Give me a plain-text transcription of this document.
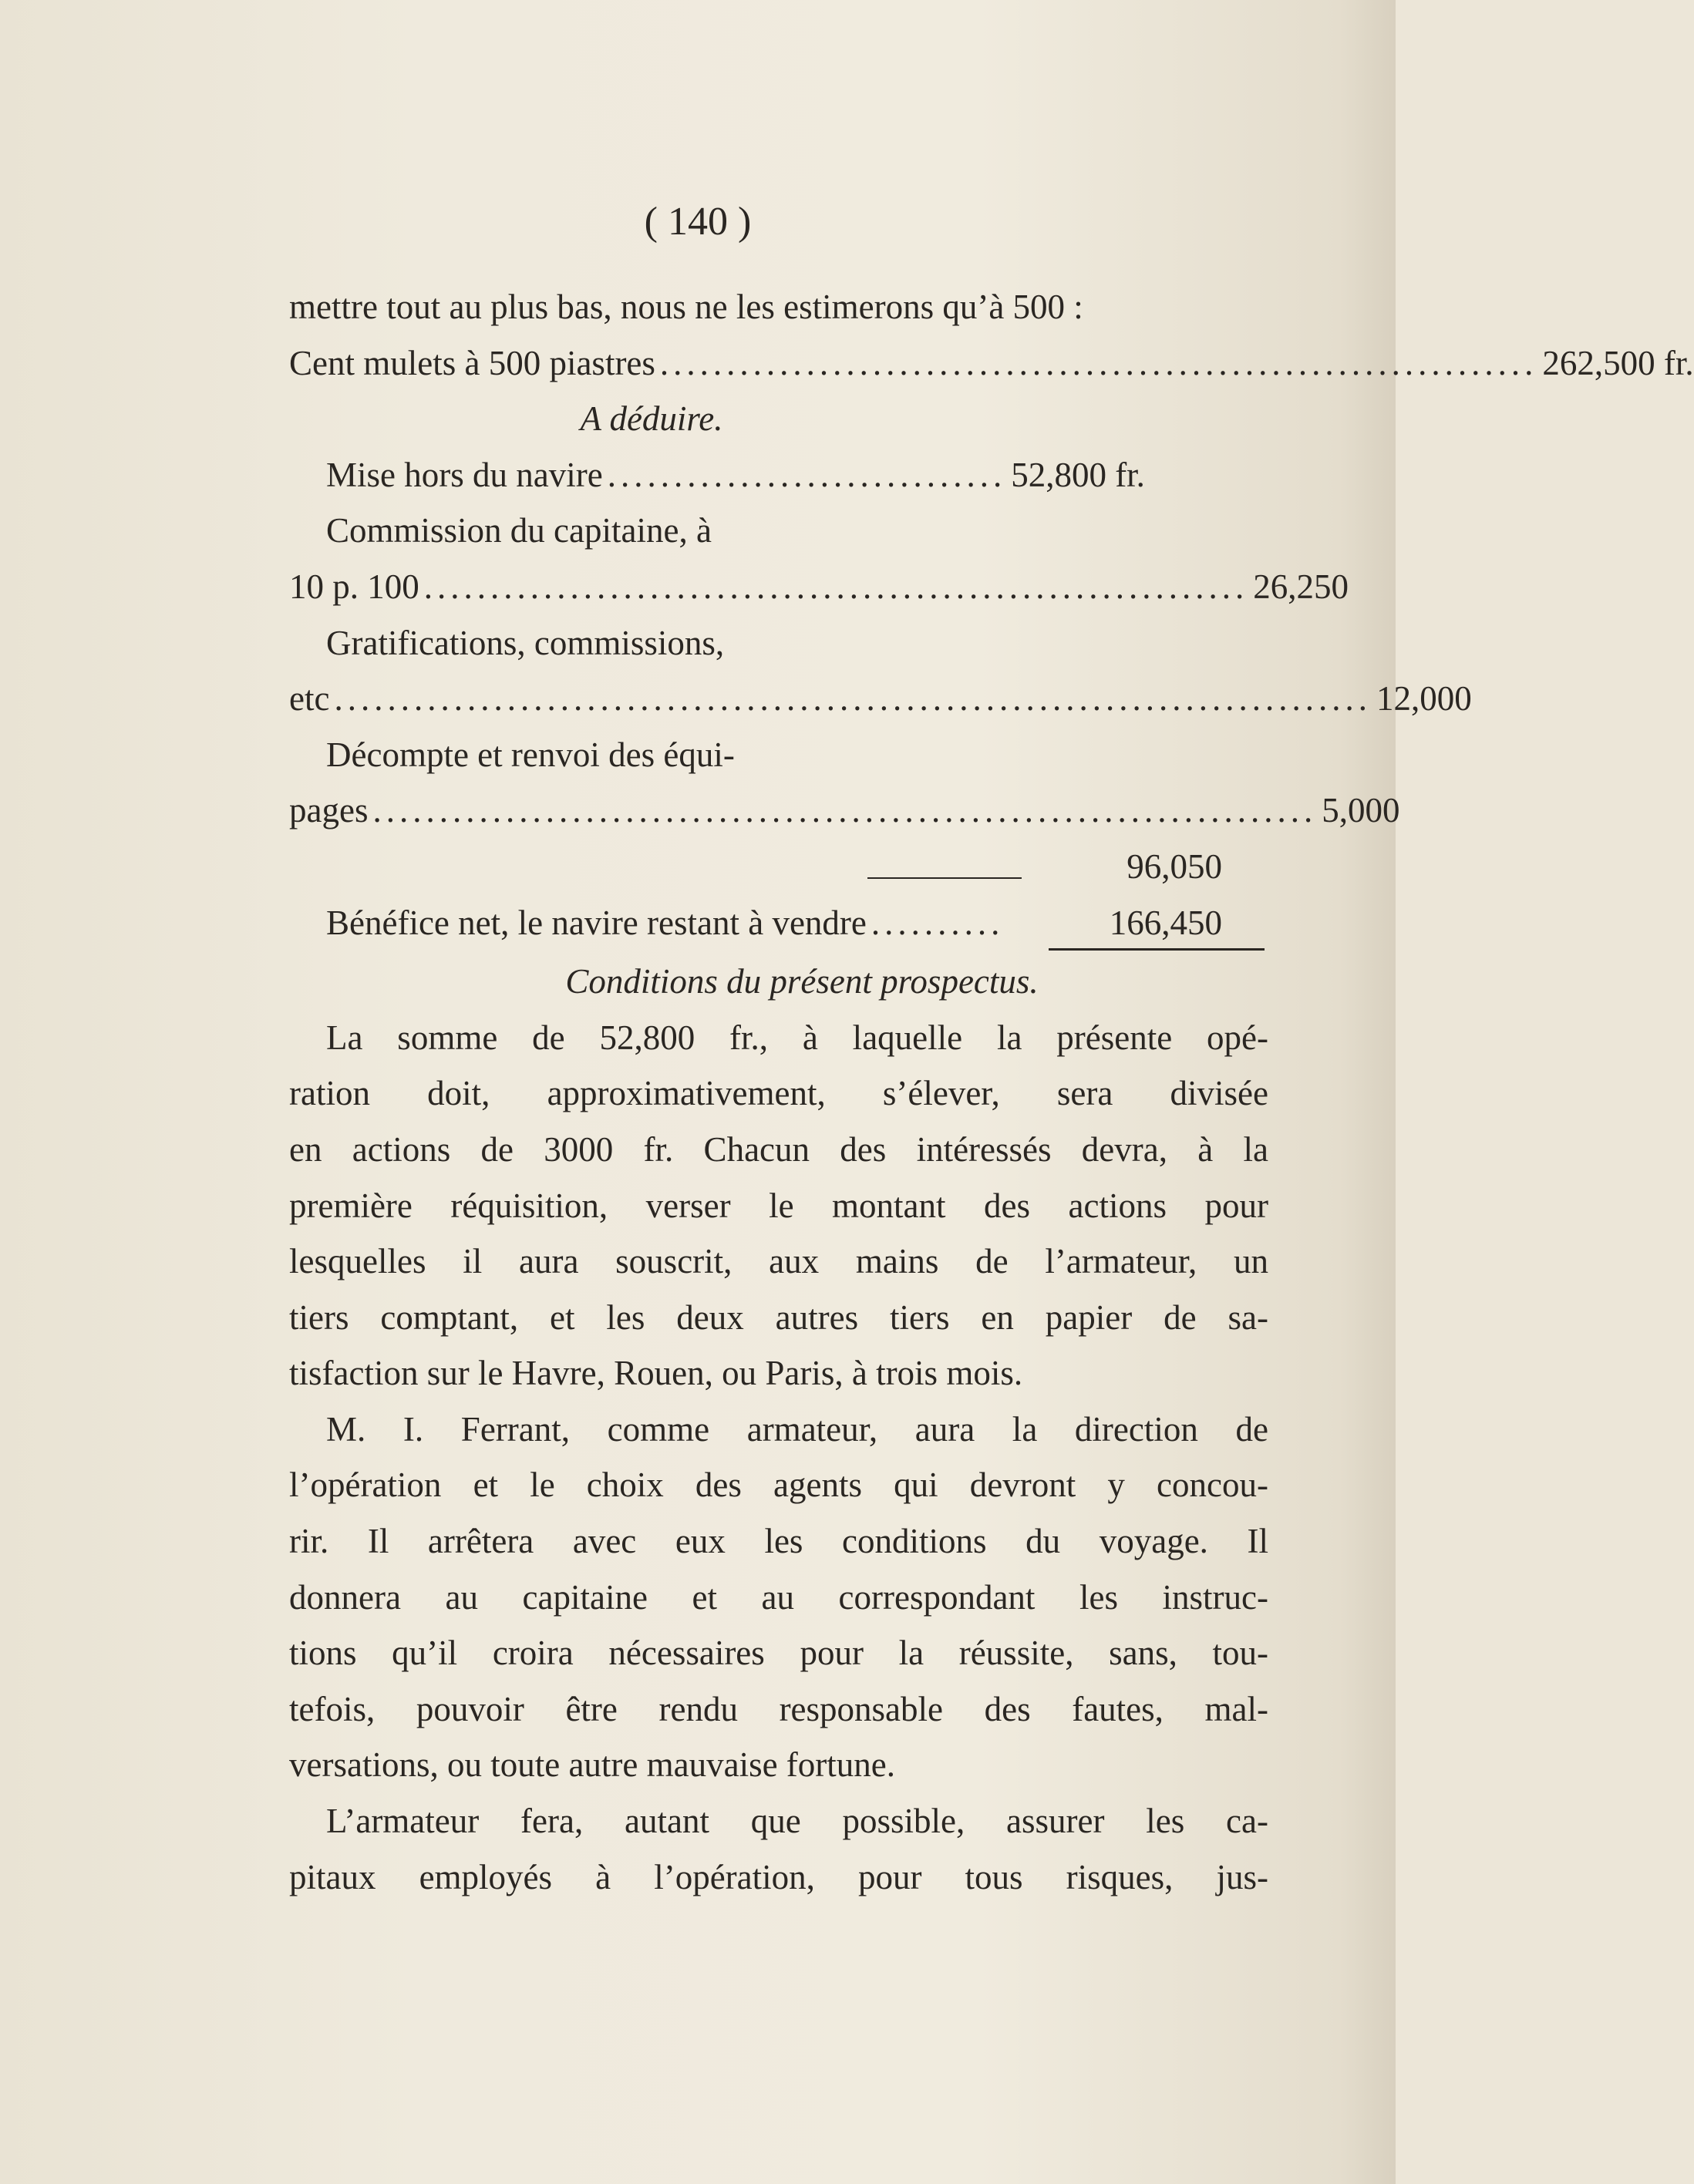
( 140 )
mettre tout au plus bas, nous ne les estimerons qu’à 500 :
Cent mulets à 500 piastres .................................................................. 262,500 fr.
A déduire.
Mise hors du navire .............................. 52,800 fr.
Commission du capitaine, à
10 p. 100 .............................................................. 26,250
Gratifications, commissions,
etc .............................................................................. 12,000
Décompte et renvoi des équi-
pages ....................................................................... 5,000
96,050
Bénéfice net, le navire restant à vendre ..........	166,450
Conditions du présent prospectus.
La somme de 52,800 fr., à laquelle la présente opé-
ration doit, approximativement, s’élever, sera divisée
en actions de 3000 fr. Chacun des intéressés devra, à la
première réquisition, verser le montant des actions pour
lesquelles il aura souscrit, aux mains de l’armateur, un
tiers comptant, et les deux autres tiers en papier de sa-
tisfaction sur le Havre, Rouen, ou Paris, à trois mois.
M. I. Ferrant, comme armateur, aura la direction de
l’opération et le choix des agents qui devront y concou-
rir. Il arrêtera avec eux les conditions du voyage. Il
donnera au capitaine et au correspondant les instruc-
tions qu’il croira nécessaires pour la réussite, sans, tou-
tefois, pouvoir être rendu responsable des fautes, mal-
versations, ou toute autre mauvaise fortune.
L’armateur fera, autant que possible, assurer les ca-
pitaux employés à l’opération, pour tous risques, jus-
